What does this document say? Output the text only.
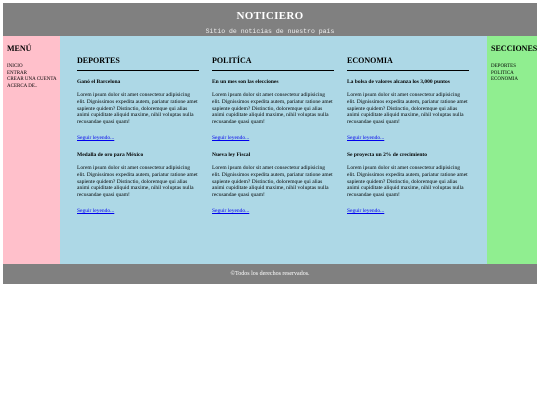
NOTICIERO
Sitio de noticias de nuestro país
MENÚ
INICIO
ENTRAR
CREAR UNA CUENTA
ACERCA DE..
DEPORTES
Ganó el Barcelona

Lorem ipsum dolor sit amet consectetur adipisicing elit. Dignissimos expedita autem, pariatur ratione amet sapiente quidem? Distinctio, doloremque qui alias animi cupiditate aliquid maxime, nihil voluptas nulla recusandae quasi quam!

Seguir leyendo...
Medalla de oro para México

Lorem ipsum dolor sit amet consectetur adipisicing elit. Dignissimos expedita autem, pariatur ratione amet sapiente quidem? Distinctio, doloremque qui alias animi cupiditate aliquid maxime, nihil voluptas nulla recusandae quasi quam!

Seguir leyendo...
POLITÍCA
En un mes son las elecciones

Lorem ipsum dolor sit amet consectetur adipisicing elit. Dignissimos expedita autem, pariatur ratione amet sapiente quidem? Distinctio, doloremque qui alias animi cupiditate aliquid maxime, nihil voluptas nulla recusandae quasi quam!

Seguir leyendo...
Nueva ley Fiscal

Lorem ipsum dolor sit amet consectetur adipisicing elit. Dignissimos expedita autem, pariatur ratione amet sapiente quidem? Distinctio, doloremque qui alias animi cupiditate aliquid maxime, nihil voluptas nulla recusandae quasi quam!

Seguir leyendo...
ECONOMIA
La bolsa de valores alcanza los 3,000 puntos

Lorem ipsum dolor sit amet consectetur adipisicing elit. Dignissimos expedita autem, pariatur ratione amet sapiente quidem? Distinctio, doloremque qui alias animi cupiditate aliquid maxime, nihil voluptas nulla recusandae quasi quam!

Seguir leyendo...
Se proyecta un 2% de crecimiento

Lorem ipsum dolor sit amet consectetur adipisicing elit. Dignissimos expedita autem, pariatur ratione amet sapiente quidem? Distinctio, doloremque qui alias animi cupiditate aliquid maxime, nihil voluptas nulla recusandae quasi quam!

Seguir leyendo...
SECCIONES
DEPORTES
POLITICA
ECONOMIA
©Todos los derechos reservados.
